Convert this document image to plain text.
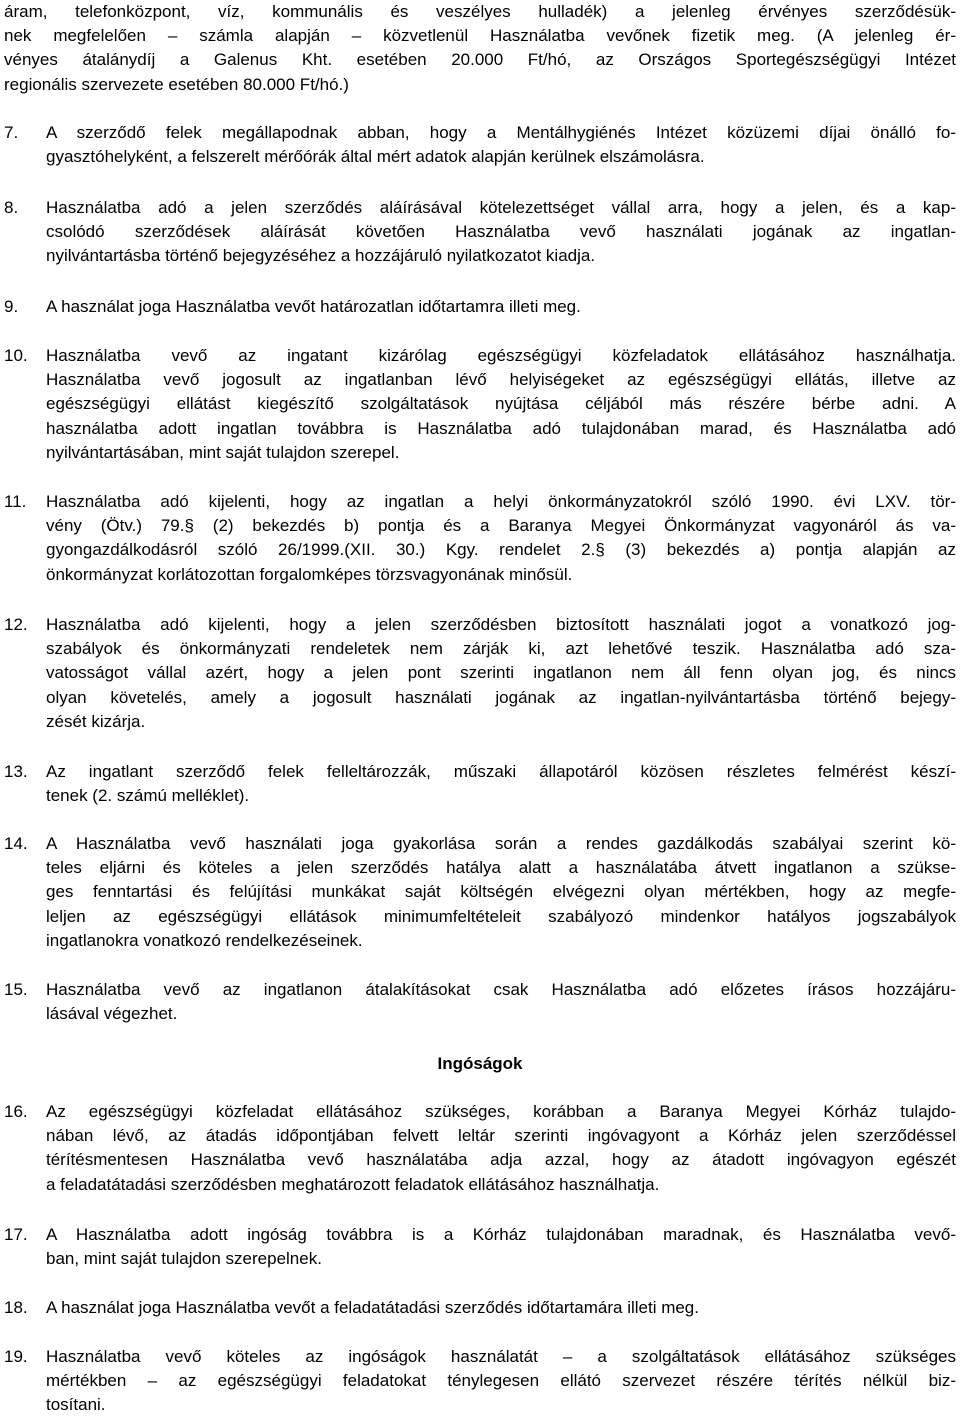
áram, telefonközpont, víz, kommunális és veszélyes hulladék) a jelenleg érvényes szerződésük-
nek megfelelően – számla alapján – közvetlenül Használatba vevőnek fizetik meg. (A jelenleg ér-
vényes átalánydíj a Galenus Kht. esetében 20.000 Ft/hó, az Országos Sportegészségügyi Intézet
regionális szervezete esetében 80.000 Ft/hó.)
7.	A szerződő felek megállapodnak abban, hogy a Mentálhygiénés Intézet közüzemi díjai önálló fo-
gyasztóhelyként, a felszerelt mérőórák által mért adatok alapján kerülnek elszámolásra.
8.	Használatba adó a jelen szerződés aláírásával kötelezettséget vállal arra, hogy a jelen, és a kap-
csolódó szerződések aláírását követően Használatba vevő használati jogának az ingatlan-
nyilvántartásba történő bejegyzéséhez a hozzájáruló nyilatkozatot kiadja.
9.	A használat joga Használatba vevőt határozatlan időtartamra illeti meg.
10.	Használatba vevő az ingatant kizárólag egészségügyi közfeladatok ellátásához használhatja.
Használatba vevő jogosult az ingatlanban lévő helyiségeket az egészségügyi ellátás, illetve az
egészségügyi ellátást kiegészítő szolgáltatások nyújtása céljából más részére bérbe adni. A
használatba adott ingatlan továbbra is Használatba adó tulajdonában marad, és Használatba adó
nyilvántartásában, mint saját tulajdon szerepel.
11.	Használatba adó kijelenti, hogy az ingatlan a helyi önkormányzatokról szóló 1990. évi LXV. tör-
vény (Ötv.) 79.§ (2) bekezdés b) pontja és a Baranya Megyei Önkormányzat vagyonáról ás va-
gyongazdálkodásról szóló 26/1999.(XII. 30.) Kgy. rendelet 2.§ (3) bekezdés a) pontja alapján az
önkormányzat korlátozottan forgalomképes törzsvagyonának minősül.
12.	Használatba adó kijelenti, hogy a jelen szerződésben biztosított használati jogot a vonatkozó jog-
szabályok és önkormányzati rendeletek nem zárják ki, azt lehetővé teszik. Használatba adó sza-
vatosságot vállal azért, hogy a jelen pont szerinti ingatlanon nem áll fenn olyan jog, és nincs
olyan követelés, amely a jogosult használati jogának az ingatlan-nyilvántartásba történő bejegy-
zését kizárja.
13.	Az ingatlant szerződő felek felleltározzák, műszaki állapotáról közösen részletes felmérést készí-
tenek (2. számú melléklet).
14.	A Használatba vevő használati joga gyakorlása során a rendes gazdálkodás szabályai szerint kö-
teles eljárni és köteles a jelen szerződés hatálya alatt a használatába átvett ingatlanon a szükse-
ges fenntartási és felújítási munkákat saját költségén elvégezni olyan mértékben, hogy az megfe-
leljen az egészségügyi ellátások minimumfeltételeit szabályozó mindenkor hatályos jogszabályok
ingatlanokra vonatkozó rendelkezéseinek.
15.	Használatba vevő az ingatlanon átalakításokat csak Használatba adó előzetes írásos hozzájáru-
lásával végezhet.
Ingóságok
16.	Az egészségügyi közfeladat ellátásához szükséges, korábban a Baranya Megyei Kórház tulajdo-
nában lévő, az átadás időpontjában felvett leltár szerinti ingóvagyont a Kórház jelen szerződéssel
térítésmentesen Használatba vevő használatába adja azzal, hogy az átadott ingóvagyon egészét
a feladatátadási szerződésben meghatározott feladatok ellátásához használhatja.
17.	A Használatba adott ingóság továbbra is a Kórház tulajdonában maradnak, és Használatba vevő-
ban, mint saját tulajdon szerepelnek.
18.	A használat joga Használatba vevőt a feladatátadási szerződés időtartamára illeti meg.
19.	Használatba vevő köteles az ingóságok használatát – a szolgáltatások ellátásához szükséges
mértékben – az egészségügyi feladatokat ténylegesen ellátó szervezet részére térítés nélkül biz-
tosítani.
